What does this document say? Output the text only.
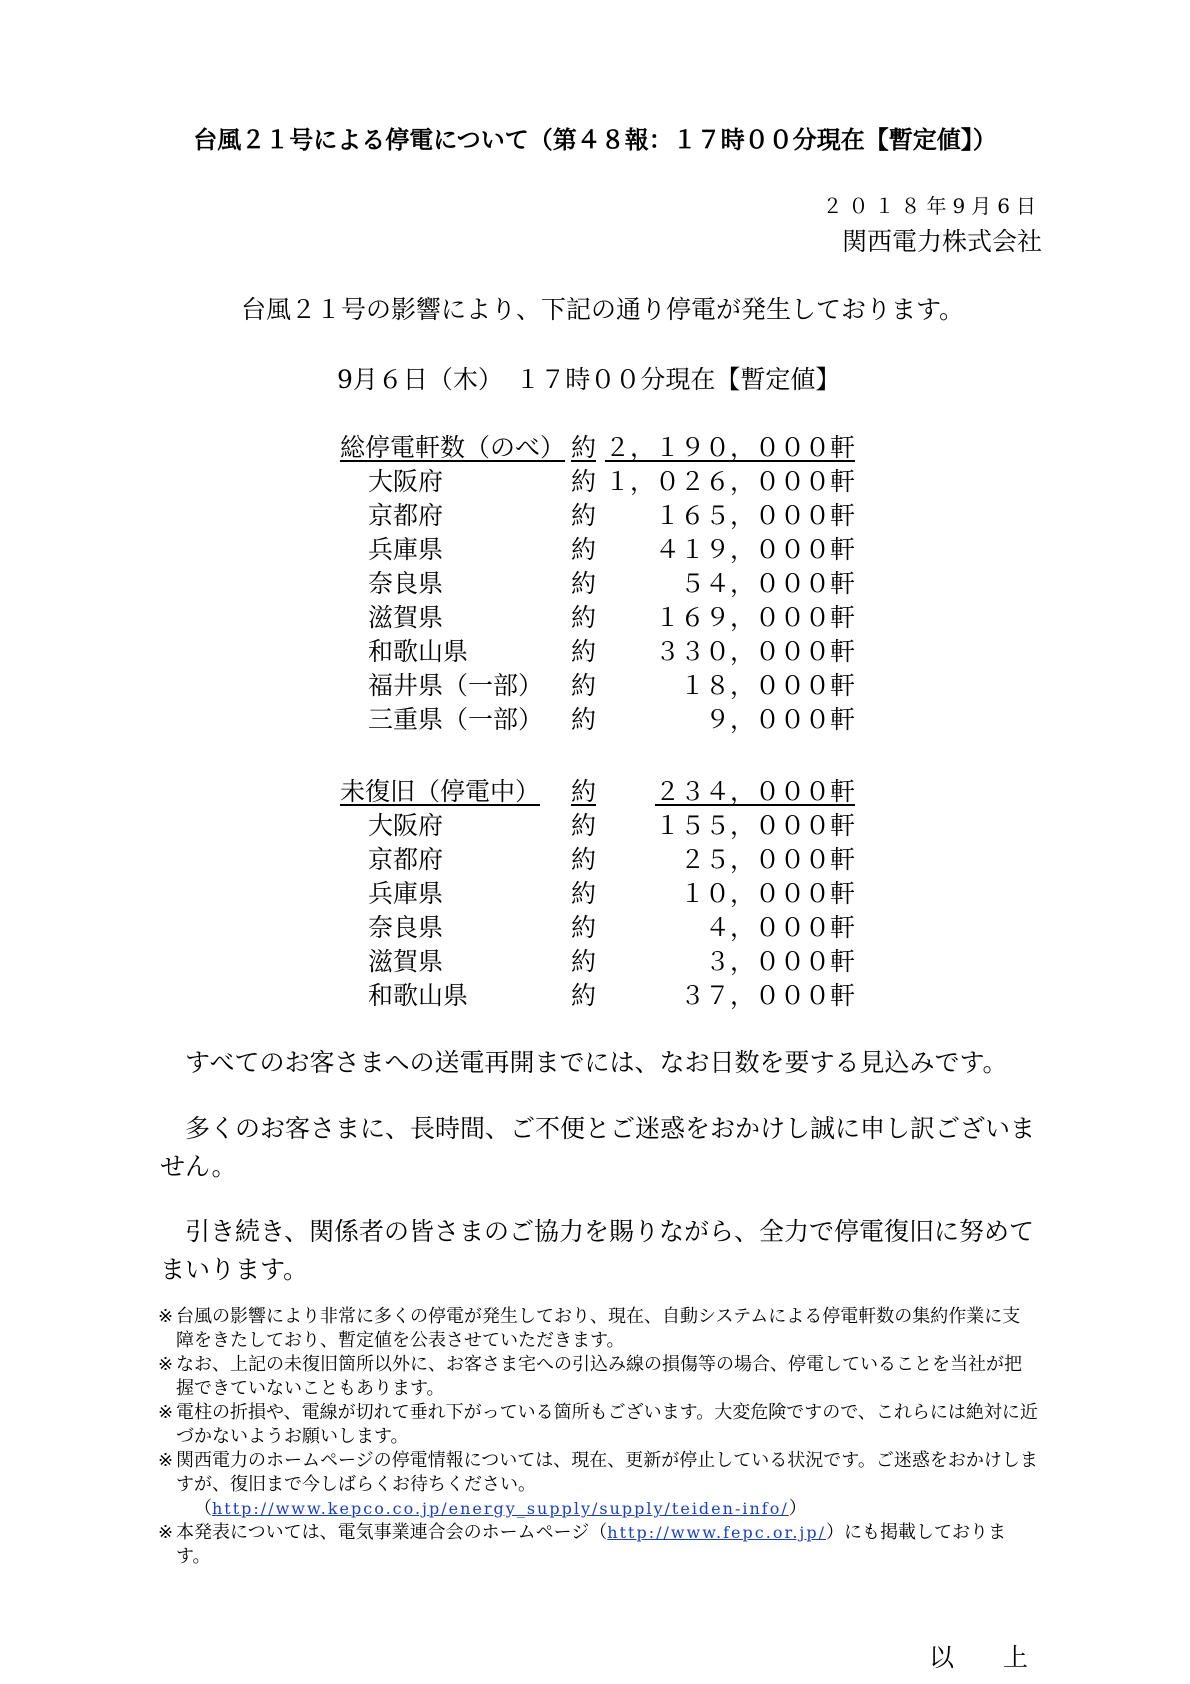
台風２１号による停電について（第４８報：１７時００分現在【暫定値】）
２０１８年9月6日
関西電力株式会社
台風２１号の影響により、下記の通り停電が発生しております。
9月６日（木）　１７時００分現在【暫定値】
総停電軒数（のべ） 約 ２，１９０，０００軒
大阪府	約 １，０２６，０００軒
京都府	約	１６５，０００軒
兵庫県	約	４１９，０００軒
奈良県	約	５４，０００軒
滋賀県	約	１６９，０００軒
和歌山県	約	３３０，０００軒
福井県（一部） 約	１８，０００軒
三重県（一部） 約	９，０００軒
未復旧（停電中） 約	２３４，０００軒
大阪府	約	１５５，０００軒
京都府	約	２５，０００軒
兵庫県	約	１０，０００軒
奈良県	約	４，０００軒
滋賀県	約	３，０００軒
和歌山県	約	３７，０００軒
すべてのお客さまへの送電再開までには、なお日数を要する見込みです。
多くのお客さまに、長時間、ご不便とご迷惑をおかけし誠に申し訳ございません。
引き続き、関係者の皆さまのご協力を賜りながら、全力で停電復旧に努めてまいります。
※ 台風の影響により非常に多くの停電が発生しており、現在、自動システムによる停電軒数の集約作業に支障をきたしており、暫定値を公表させていただきます。
※ なお、上記の未復旧箇所以外に、お客さま宅への引込み線の損傷等の場合、停電していることを当社が把握できていないこともあります。
※ 電柱の折損や、電線が切れて垂れ下がっている箇所もございます。大変危険ですので、これらには絶対に近づかないようお願いします。
※ 関西電力のホームページの停電情報については、現在、更新が停止している状況です。ご迷惑をおかけしますが、復旧まで今しばらくお待ちください。
（http://www.kepco.co.jp/energy_supply/supply/teiden-info/）
※ 本発表については、電気事業連合会のホームページ（http://www.fepc.or.jp/）にも掲載しております。
以　上
